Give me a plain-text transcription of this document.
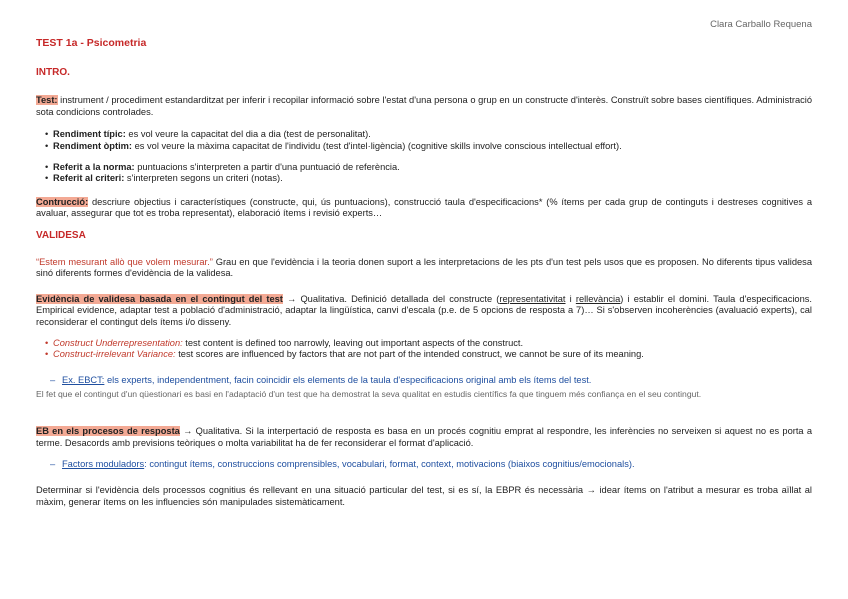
Clara Carballo Requena

TEST 1a - Psicometria

INTRO.

Test: instrument / procediment estandarditzat per inferir i recopilar informació sobre l'estat d'una persona o grup en un constructe d'interès. Construït sobre bases científiques. Administració sota condicions controlades.

• Rendiment típic: es vol veure la capacitat del dia a dia (test de personalitat).
• Rendiment òptim: es vol veure la màxima capacitat de l'individu (test d'intel·ligència) (cognitive skills involve conscious intellectual effort).
• Referit a la norma: puntuacions s'interpreten a partir d'una puntuació de referència.
• Referit al criteri: s'interpreten segons un criteri (notas).

Contrucció: descriure objectius i característiques (constructe, qui, ús puntuacions), construcció taula d'especificacions* (% ítems per cada grup de continguts i destreses cognitives a avaluar, assegurar que tot es troba representat), elaboració ítems i revisió experts…

VALIDESA

“Estem mesurant allò que volem mesurar.” Grau en que l'evidència i la teoria donen suport a les interpretacions de les pts d'un test pels usos que es proposen. No diferents tipus validesa sinó diferents formes d'evidència de la validesa.

Evidència de validesa basada en el contingut del test → Qualitativa. Definició detallada del constructe (representativitat i rellevància) i establir el domini. Taula d'especificacions. Empirical evidence, adaptar test a població d'administració, adaptar la lingüística, canvi d'escala (p.e. de 5 opcions de resposta a 7)… Si s'observen incoherències (avaluació experts), cal reconsiderar el contingut dels ítems i/o disseny.

• Construct Underrepresentation: test content is defined too narrowly, leaving out important aspects of the construct.
• Construct-irrelevant Variance: test scores are influenced by factors that are not part of the intended construct, we cannot be sure of its meaning.
– Ex. EBCT: els experts, independentment, facin coincidir els elements de la taula d'especificacions original amb els ítems del test.

El fet que el contingut d'un qüestionari es basi en l'adaptació d'un test que ha demostrat la seva qualitat en estudis científics fa que tinguem més confiança en el seu contingut.

EB en els procesos de resposta → Qualitativa. Si la interpertació de resposta es basa en un procés cognitiu emprat al respondre, les inferències no serveixen si aquest no es porta a terme. Desacords amb previsions teòriques o molta variabilitat ha de fer reconsiderar el format d'aplicació.

– Factors moduladors: contingut ítems, construccions comprensibles, vocabulari, format, context, motivacions (biaixos cognitius/emocionals).

Determinar si l'evidència dels processos cognitius és rellevant en una situació particular del test, si es sí, la EBPR és necessària → idear ítems on l'atribut a mesurar es troba aïllat al màxim, generar ítems on les influencies són manipulades sistemàticament.
